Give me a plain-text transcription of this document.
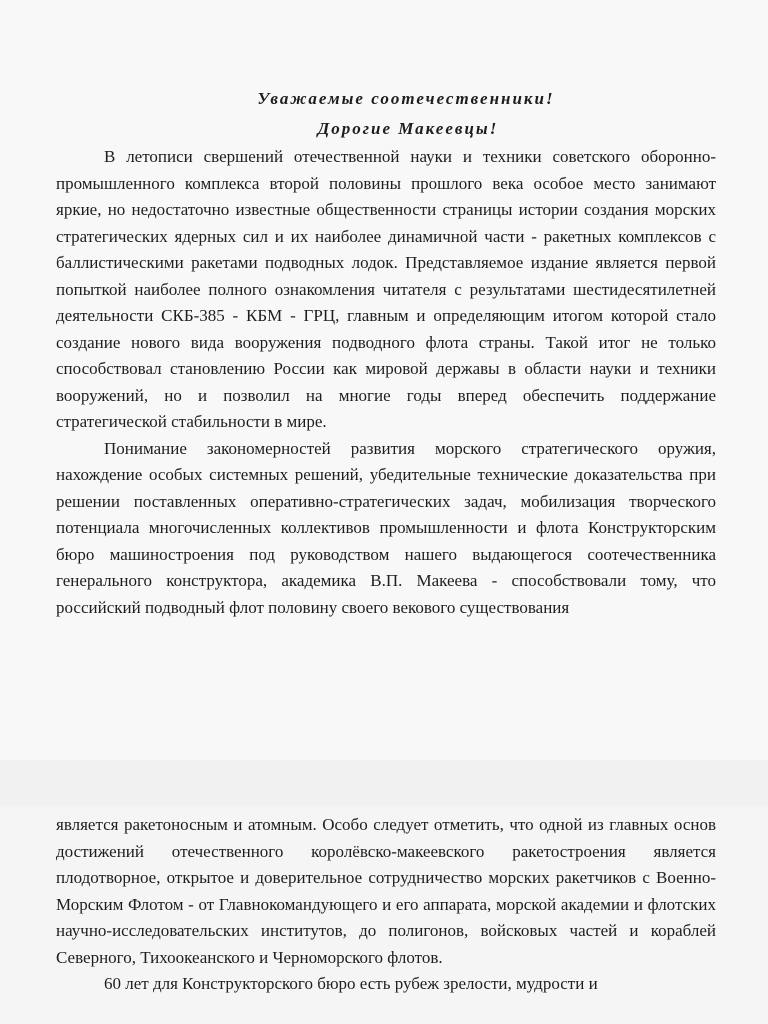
Уважаемые соотечественники!
Дорогие Макеевцы!

В летописи свершений отечественной науки и техники советского оборонно-промышленного комплекса второй половины прошлого века особое место занимают яркие, но недостаточно известные общественности страницы истории создания морских стратегических ядерных сил и их наиболее динамичной части - ракетных комплексов с баллистическими ракетами подводных лодок. Представляемое издание является первой попыткой наиболее полного ознакомления читателя с результатами шестидесятилетней деятельности СКБ-385 - КБМ - ГРЦ, главным и определяющим итогом которой стало создание нового вида вооружения подводного флота страны. Такой итог не только способствовал становлению России как мировой державы в области науки и техники вооружений, но и позволил на многие годы вперед обеспечить поддержание стратегической стабильности в мире.

Понимание закономерностей развития морского стратегического оружия, нахождение особых системных решений, убедительные технические доказательства при решении поставленных оперативно-стратегических задач, мобилизация творческого потенциала многочисленных коллективов промышленности и флота Конструкторским бюро машиностроения под руководством нашего выдающегося соотечественника генерального конструктора, академика В.П. Макеева - способствовали тому, что российский подводный флот половину своего векового существования

является ракетоносным и атомным. Особо следует отметить, что одной из главных основ достижений отечественного королёвско-макеевского ракетостроения является плодотворное, открытое и доверительное сотрудничество морских ракетчиков с Военно-Морским Флотом - от Главнокомандующего и его аппарата, морской академии и флотских научно-исследовательских институтов, до полигонов, войсковых частей и кораблей Северного, Тихоокеанского и Черноморского флотов.

60 лет для Конструкторского бюро есть рубеж зрелости, мудрости и
